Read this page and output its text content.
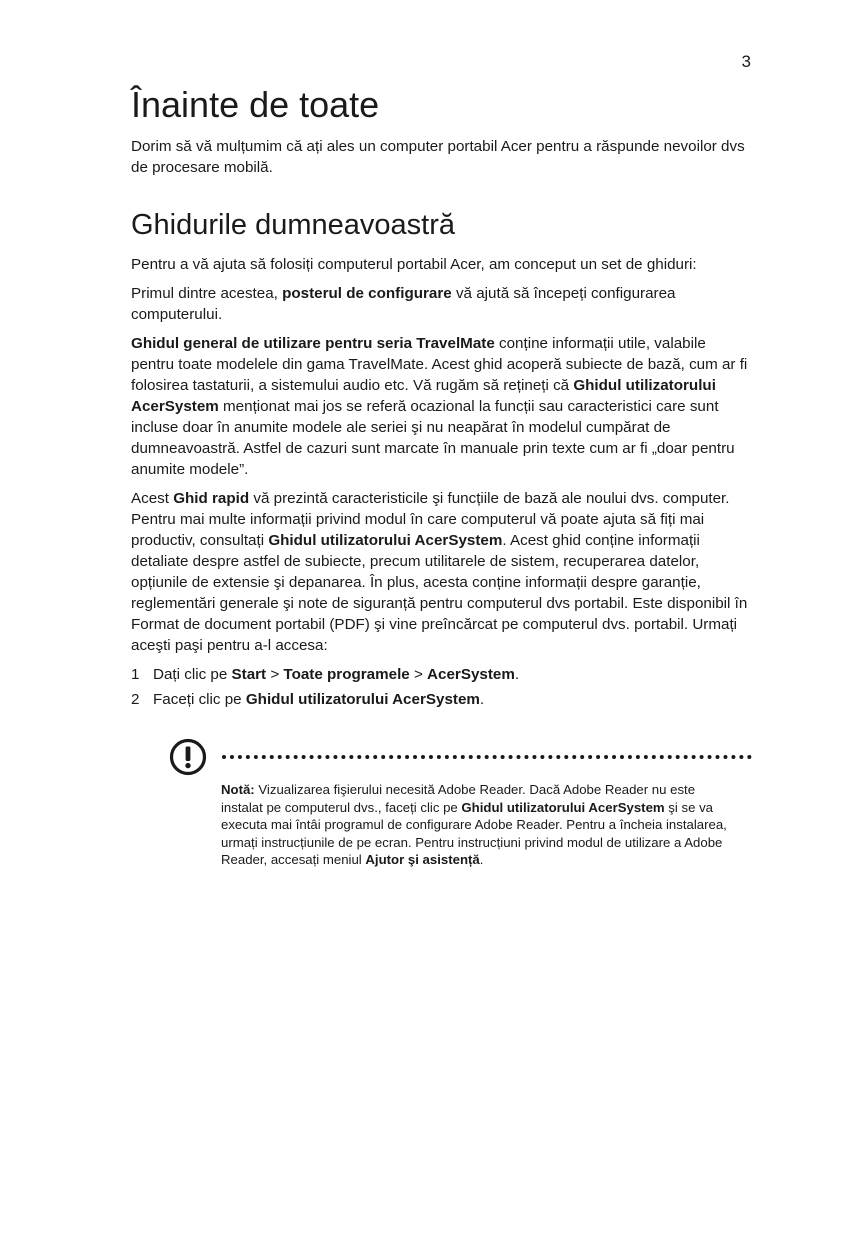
3
Înainte de toate

Dorim să vă mulțumim că ați ales un computer portabil Acer pentru a răspunde nevoilor dvs de procesare mobilă.

Ghidurile dumneavoastră

Pentru a vă ajuta să folosiți computerul portabil Acer, am conceput un set de ghiduri:

Primul dintre acestea, posterul de configurare vă ajută să începeți configurarea computerului.

Ghidul general de utilizare pentru seria TravelMate conține informații utile, valabile pentru toate modelele din gama TravelMate. Acest ghid acoperă subiecte de bază, cum ar fi folosirea tastaturii, a sistemului audio etc. Vă rugăm să rețineți că Ghidul utilizatorului AcerSystem menționat mai jos se referă ocazional la funcții sau caracteristici care sunt incluse doar în anumite modele ale seriei şi nu neapărat în modelul cumpărat de dumneavoastră. Astfel de cazuri sunt marcate în manuale prin texte cum ar fi „doar pentru anumite modele”.

Acest Ghid rapid vă prezintă caracteristicile şi funcțiile de bază ale noului dvs. computer. Pentru mai multe informații privind modul în care computerul vă poate ajuta să fiți mai productiv, consultați Ghidul utilizatorului AcerSystem. Acest ghid conține informații detaliate despre astfel de subiecte, precum utilitarele de sistem, recuperarea datelor, opțiunile de extensie şi depanarea. În plus, acesta conține informații despre garanție, reglementări generale şi note de siguranță pentru computerul dvs portabil. Este disponibil în Format de document portabil (PDF) şi vine preîncărcat pe computerul dvs. portabil. Urmați aceşti paşi pentru a-l accesa:

1 Dați clic pe Start > Toate programele > AcerSystem.
2 Faceți clic pe Ghidul utilizatorului AcerSystem.

Notă: Vizualizarea fişierului necesită Adobe Reader. Dacă Adobe Reader nu este instalat pe computerul dvs., faceți clic pe Ghidul utilizatorului AcerSystem şi se va executa mai întâi programul de configurare Adobe Reader. Pentru a încheia instalarea, urmați instrucțiunile de pe ecran. Pentru instrucțiuni privind modul de utilizare a Adobe Reader, accesați meniul Ajutor şi asistență.
